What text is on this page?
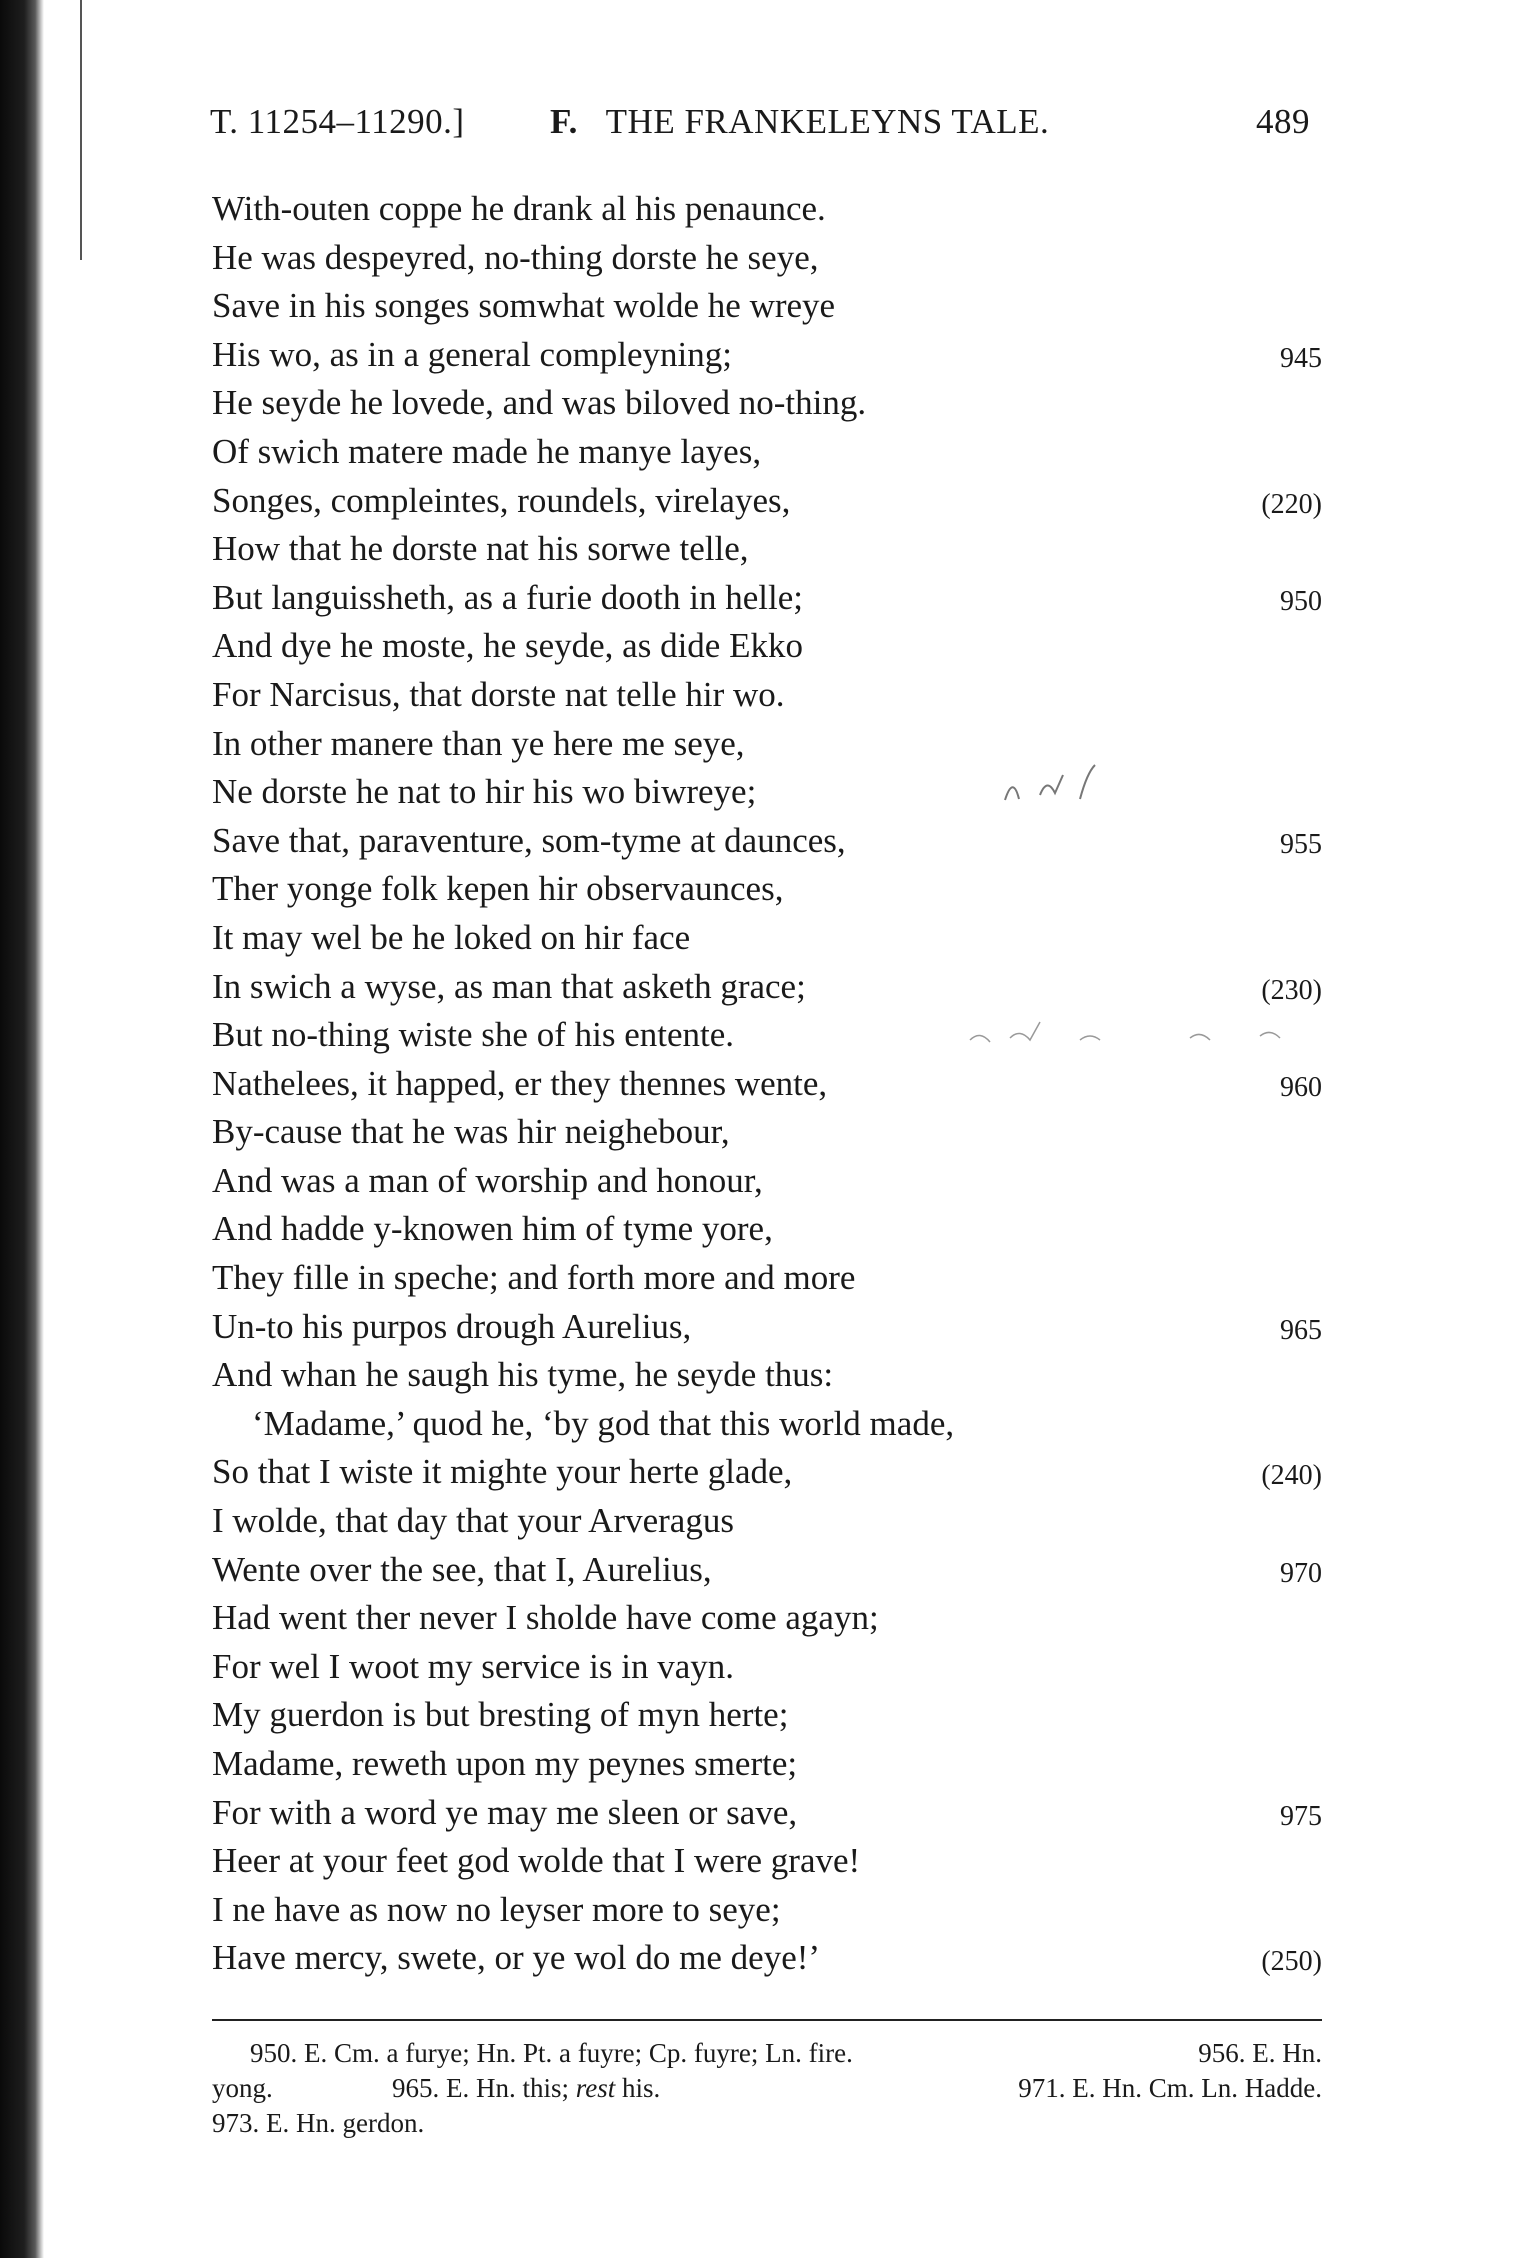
T. 11254–11290.] F. THE FRANKELEYNS TALE.	489
With-outen coppe he drank al his penaunce.
He was despeyred, no-thing dorste he seye,
Save in his songes somwhat wolde he wreye
His wo, as in a general compleyning;	945
He seyde he lovede, and was biloved no-thing.
Of swich matere made he manye layes,
Songes, compleintes, roundels, virelayes,	(220)
How that he dorste nat his sorwe telle,
But languissheth, as a furie dooth in helle;	950
And dye he moste, he seyde, as dide Ekko
For Narcisus, that dorste nat telle hir wo.
In other manere than ye here me seye,
Ne dorste he nat to hir his wo biwreye;
Save that, paraventure, som-tyme at daunces,	955
Ther yonge folk kepen hir observaunces,
It may wel be he loked on hir face
In swich a wyse, as man that asketh grace;	(230)
But no-thing wiste she of his entente.
Nathelees, it happed, er they thennes wente,	960
By-cause that he was hir neighebour,
And was a man of worship and honour,
And hadde y-knowen him of tyme yore,
They fille in speche; and forth more and more
Un-to his purpos drough Aurelius,	965
And whan he saugh his tyme, he seyde thus:
‘Madame,’ quod he, ‘by god that this world made,
So that I wiste it mighte your herte glade,	(240)
I wolde, that day that your Arveragus
Wente over the see, that I, Aurelius,	970
Had went ther never I sholde have come agayn;
For wel I woot my service is in vayn.
My guerdon is but bresting of myn herte;
Madame, reweth upon my peynes smerte;
For with a word ye may me sleen or save,	975
Heer at your feet god wolde that I were grave!
I ne have as now no leyser more to seye;
Have mercy, swete, or ye wol do me deye!’	(250)
950. E. Cm. a furye; Hn. Pt. a fuyre; Cp. fuyre; Ln. fire.	956. E. Hn.
yong.	965. E. Hn. this; rest his.	971. E. Hn. Cm. Ln. Hadde.
973. E. Hn. gerdon.
